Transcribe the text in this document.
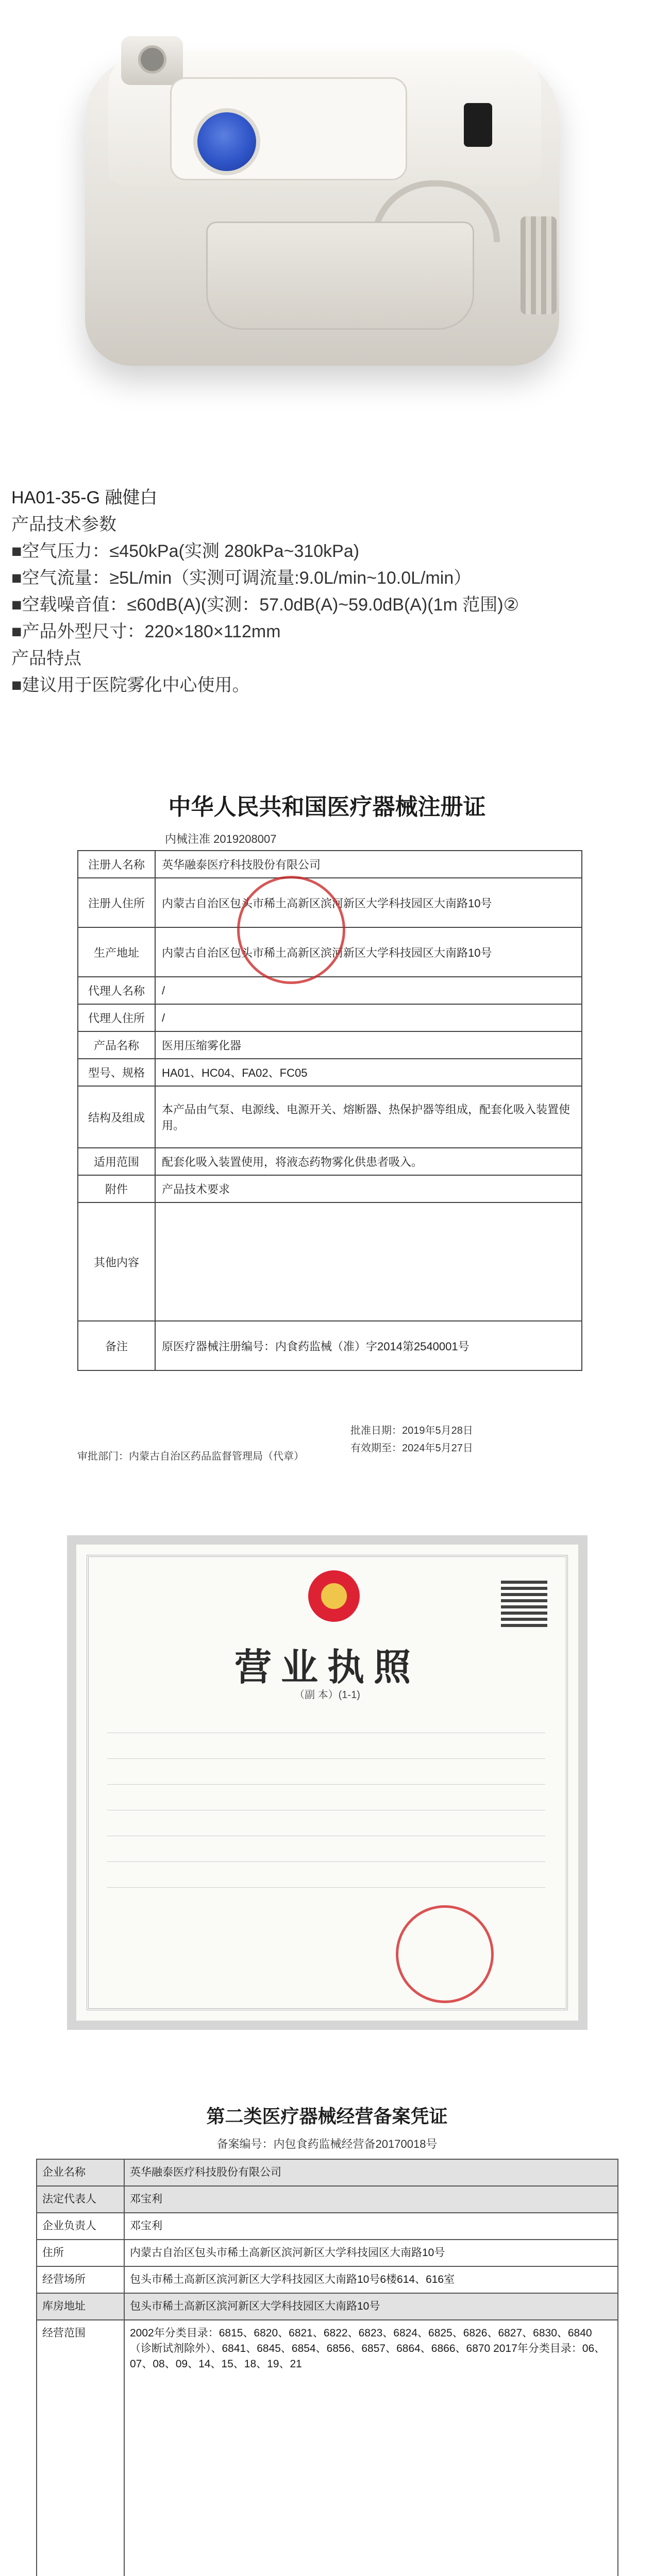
HA01-35-G 融健白

产品技术参数

■空气压力：≤450kPa(实测 280kPa~310kPa)

■空气流量：≥5L/min（实测可调流量:9.0L/min~10.0L/min）

■空载噪音值：≤60dB(A)(实测：57.0dB(A)~59.0dB(A)(1m 范围)②

■产品外型尺寸：220×180×112mm

产品特点

■建议用于医院雾化中心使用。

中华人民共和国医疗器械注册证
内械注准 2019208007
注册人名称	英华融泰医疗科技股份有限公司
注册人住所	内蒙古自治区包头市稀土高新区滨河新区大学科技园区大南路10号
生产地址	内蒙古自治区包头市稀土高新区滨河新区大学科技园区大南路10号
代理人名称	/
代理人住所	/
产品名称	医用压缩雾化器
型号、规格	HA01、HC04、FA02、FC05
结构及组成	本产品由气泵、电源线、电源开关、熔断器、热保护器等组成，配套化吸入装置使用。
适用范围	配套化吸入装置使用，将液态药物雾化供患者吸入。
附件	产品技术要求
其他内容	
备注	原医疗器械注册编号：内食药监械（准）字2014第2540001号
批准日期：2019年5月28日
有效期至：2024年5月27日
审批部门：内蒙古自治区药品监督管理局（代章）
营业执照
（副 本）(1-1)
第二类医疗器械经营备案凭证
备案编号：内包食药监械经营备20170018号
企业名称	英华融泰医疗科技股份有限公司
法定代表人	邓宝利
企业负责人	邓宝利
住所	内蒙古自治区包头市稀土高新区滨河新区大学科技园区大南路10号
经营场所	包头市稀土高新区滨河新区大学科技园区大南路10号6楼614、616室
库房地址	包头市稀土高新区滨河新区大学科技园区大南路10号
经营范围	2002年分类目录：6815、6820、6821、6822、6823、6824、6825、6826、6827、6830、6840（诊断试剂除外）、6841、6845、6854、6856、6857、6864、6866、6870 2017年分类目录：06、07、08、09、14、15、18、19、21
